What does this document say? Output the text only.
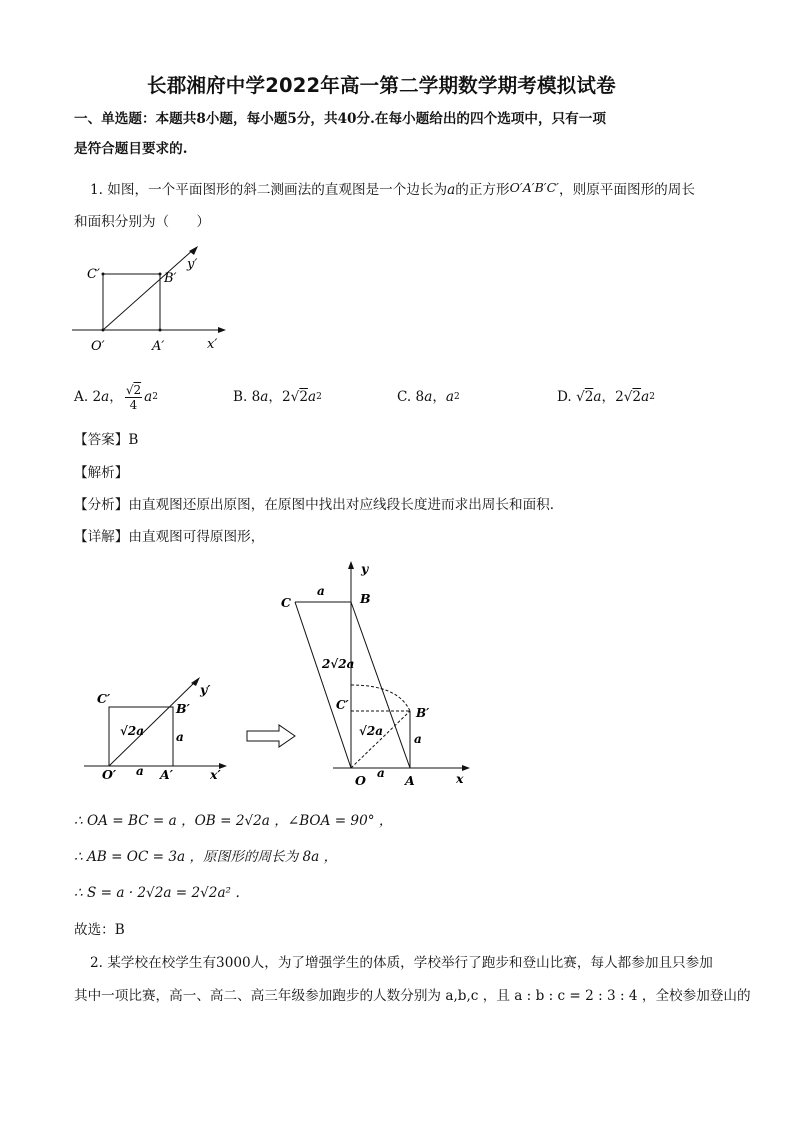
长郡湘府中学2022年高一第二学期数学期考模拟试卷
一、单选题：本题共8小题，每小题5分，共40分.在每小题给出的四个选项中，只有一项
是符合题目要求的.
1. 如图，一个平面图形的斜二测画法的直观图是一个边长为a的正方形O′A′B′C′，则原平面图形的周长
和面积分别为（　　）
C′	B′
O′	A′	x′
y′
A. 2 a ， $\frac{√2}{4}$ a 2	B. 8 a ，2 √ 2 a 2	C. 8 a ， a 2	D. √ 2 a ，2 √ 2 a 2
【答案】B
【解析】
【分析】由直观图还原出原图，在原图中找出对应线段长度进而求出周长和面积．
【详解】由直观图可得原图形，
C′
B′
O′	A′	x′
y′
√2a	a
a
C	B
O	A	x
y
a
2√2a
C′
B′
√2a
a
a
∴ OA = BC = a ，OB = 2√2a ，∠BOA = 90° ，
∴ AB = OC = 3a ，原图形的周长为 8a ，
∴ S = a · 2√2a = 2√2a² ．
故选：B
2. 某学校在校学生有3000人，为了增强学生的体质，学校举行了跑步和登山比赛，每人都参加且只参加
其中一项比赛，高一、高二、高三年级参加跑步的人数分别为 a,b,c ，且 a : b : c = 2 : 3 : 4 ，全校参加登山的
